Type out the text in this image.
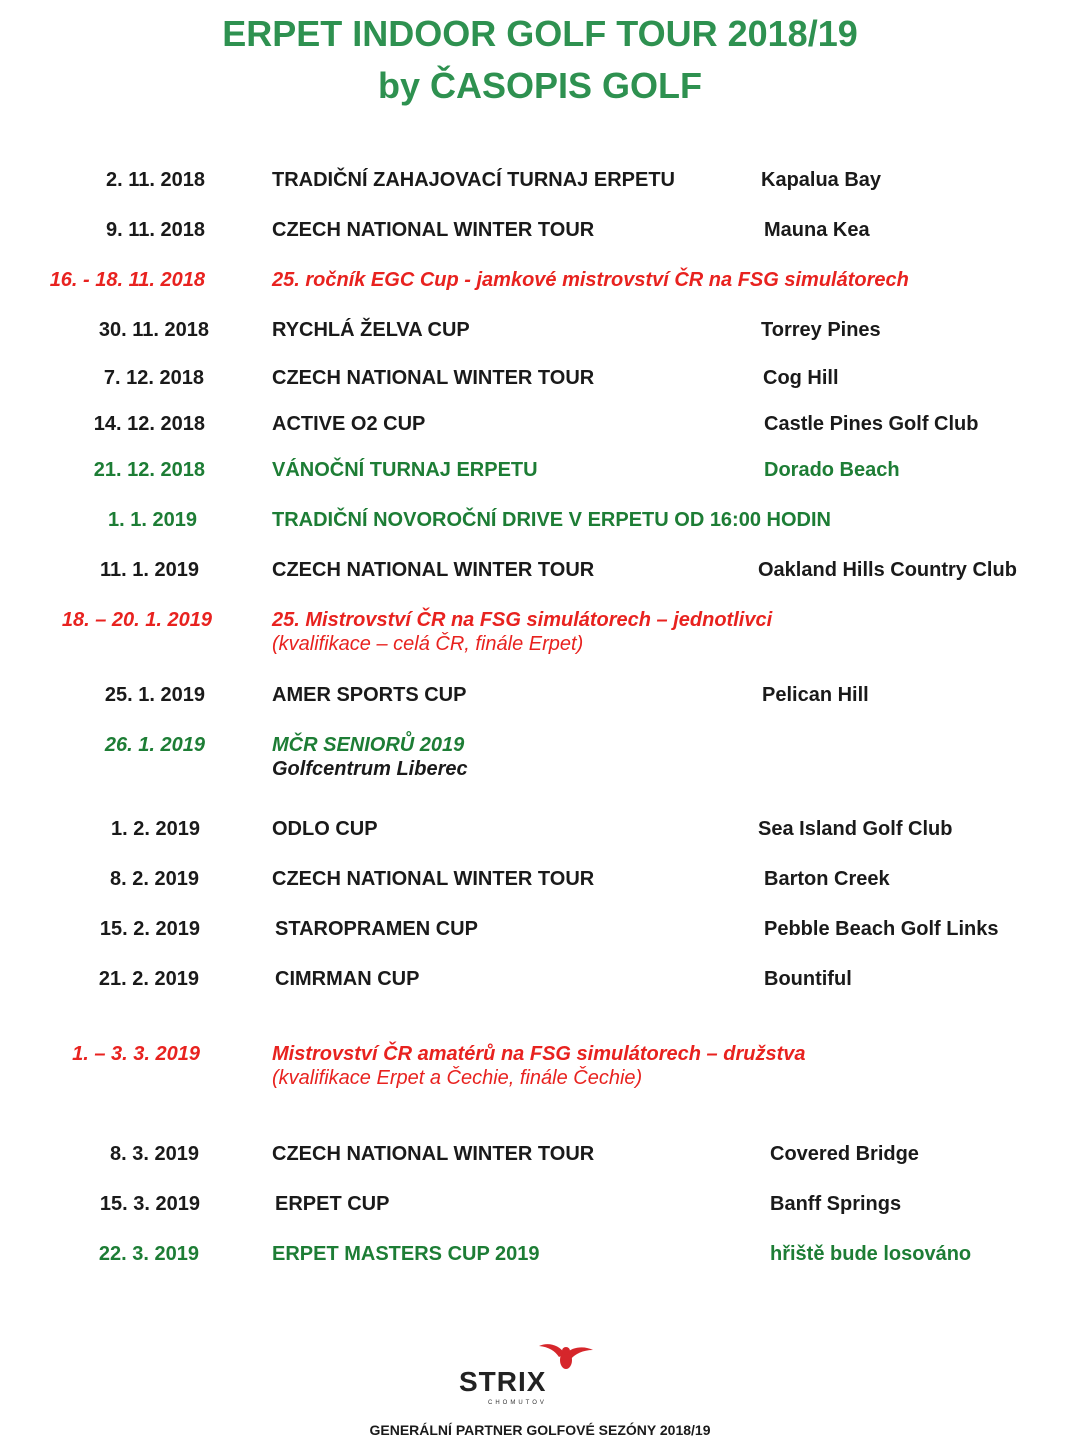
ERPET INDOOR GOLF TOUR 2018/19
by ČASOPIS GOLF
2. 11. 2018	TRADIČNÍ ZAHAJOVACÍ TURNAJ ERPETU	Kapalua Bay
9. 11. 2018	CZECH NATIONAL WINTER TOUR	Mauna Kea
16. - 18. 11. 2018	25. ročník EGC Cup - jamkové mistrovství ČR na FSG simulátorech
30. 11. 2018	RYCHLÁ ŽELVA CUP	Torrey Pines
7. 12. 2018	CZECH NATIONAL WINTER TOUR	Cog Hill
14. 12. 2018	ACTIVE O2 CUP	Castle Pines Golf Club
21. 12. 2018	VÁNOČNÍ TURNAJ ERPETU	Dorado Beach
1. 1. 2019	TRADIČNÍ NOVOROČNÍ DRIVE V ERPETU OD 16:00 HODIN
11. 1. 2019	CZECH NATIONAL WINTER TOUR	Oakland Hills Country Club
18. – 20. 1. 2019	25. Mistrovství ČR na FSG simulátorech – jednotlivci
(kvalifikace – celá ČR, finále Erpet)
25. 1. 2019	AMER SPORTS CUP	Pelican Hill
26. 1. 2019	MČR SENIORŮ 2019
Golfcentrum Liberec
1. 2. 2019	ODLO CUP	Sea Island Golf Club
8. 2. 2019	CZECH NATIONAL WINTER TOUR	Barton Creek
15. 2. 2019	STAROPRAMEN CUP	Pebble Beach Golf Links
21. 2. 2019	CIMRMAN CUP	Bountiful
1. – 3. 3. 2019	Mistrovství ČR amatérů na FSG simulátorech – družstva
(kvalifikace Erpet a Čechie, finále Čechie)
8. 3. 2019	CZECH NATIONAL WINTER TOUR	Covered Bridge
15. 3. 2019	ERPET CUP	Banff Springs
22. 3. 2019	ERPET MASTERS CUP 2019	hřiště bude losováno
STRIX
CHOMUTOV
GENERÁLNÍ PARTNER GOLFOVÉ SEZÓNY 2018/19
